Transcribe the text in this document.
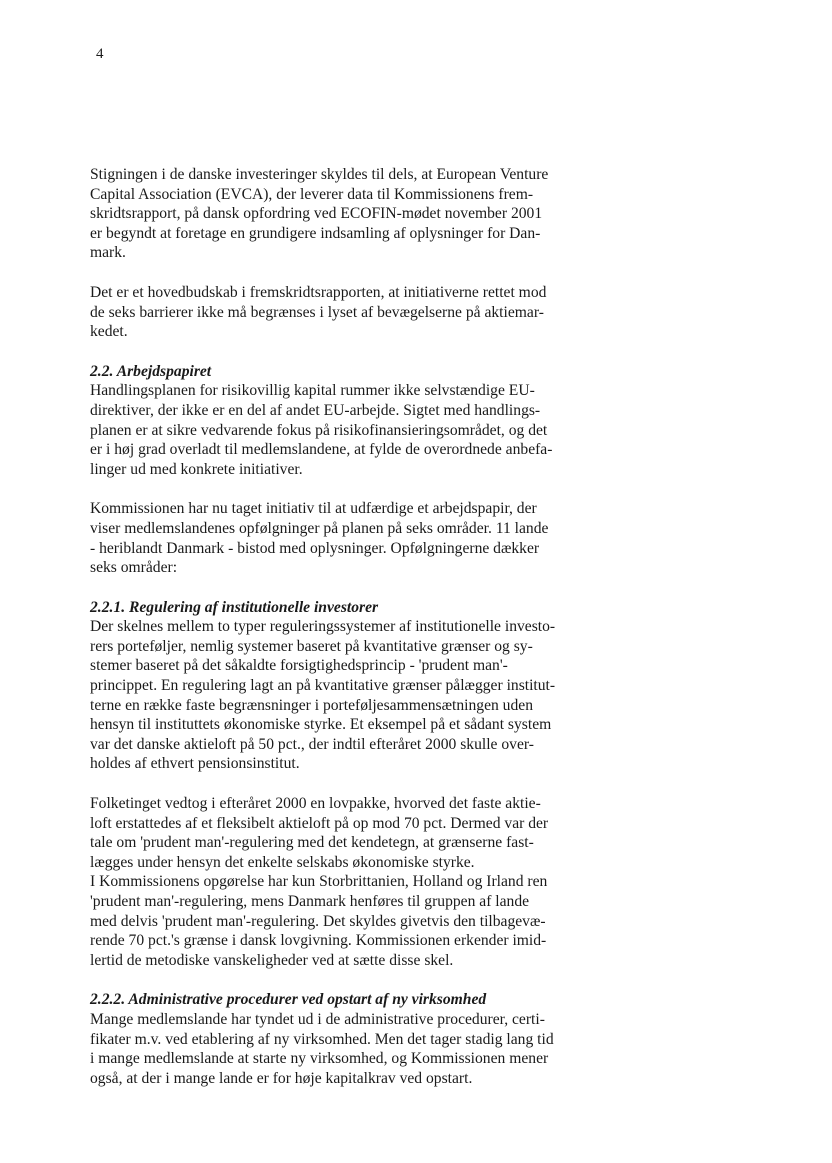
4

Stigningen i de danske investeringer skyldes til dels, at European Venture
Capital Association (EVCA), der leverer data til Kommissionens frem-
skridtsrapport, på dansk opfordring ved ECOFIN-mødet november 2001
er begyndt at foretage en grundigere indsamling af oplysninger for Dan-
mark.

Det er et hovedbudskab i fremskridtsrapporten, at initiativerne rettet mod
de seks barrierer ikke må begrænses i lyset af bevægelserne på aktiemar-
kedet.

2.2. Arbejdspapiret

Handlingsplanen for risikovillig kapital rummer ikke selvstændige EU-
direktiver, der ikke er en del af andet EU-arbejde. Sigtet med handlings-
planen er at sikre vedvarende fokus på risikofinansieringsområdet, og det
er i høj grad overladt til medlemslandene, at fylde de overordnede anbefa-
linger ud med konkrete initiativer.

Kommissionen har nu taget initiativ til at udfærdige et arbejdspapir, der
viser medlemslandenes opfølgninger på planen på seks områder. 11 lande
- heriblandt Danmark - bistod med oplysninger. Opfølgningerne dækker
seks områder:

2.2.1. Regulering af institutionelle investorer

Der skelnes mellem to typer reguleringssystemer af institutionelle investo-
rers porteføljer, nemlig systemer baseret på kvantitative grænser og sy-
stemer baseret på det såkaldte forsigtighedsprincip - 'prudent man'-
princippet. En regulering lagt an på kvantitative grænser pålægger institut-
terne en række faste begrænsninger i porteføljesammensætningen uden
hensyn til instituttets økonomiske styrke. Et eksempel på et sådant system
var det danske aktieloft på 50 pct., der indtil efteråret 2000 skulle over-
holdes af ethvert pensionsinstitut.

Folketinget vedtog i efteråret 2000 en lovpakke, hvorved det faste aktie-
loft erstattedes af et fleksibelt aktieloft på op mod 70 pct. Dermed var der
tale om 'prudent man'-regulering med det kendetegn, at grænserne fast-
lægges under hensyn det enkelte selskabs økonomiske styrke.

I Kommissionens opgørelse har kun Storbrittanien, Holland og Irland ren
'prudent man'-regulering, mens Danmark henføres til gruppen af lande
med delvis 'prudent man'-regulering. Det skyldes givetvis den tilbagevæ-
rende 70 pct.'s grænse i dansk lovgivning. Kommissionen erkender imid-
lertid de metodiske vanskeligheder ved at sætte disse skel.

2.2.2. Administrative procedurer ved opstart af ny virksomhed

Mange medlemslande har tyndet ud i de administrative procedurer, certi-
fikater m.v. ved etablering af ny virksomhed. Men det tager stadig lang tid
i mange medlemslande at starte ny virksomhed, og Kommissionen mener
også, at der i mange lande er for høje kapitalkrav ved opstart.
